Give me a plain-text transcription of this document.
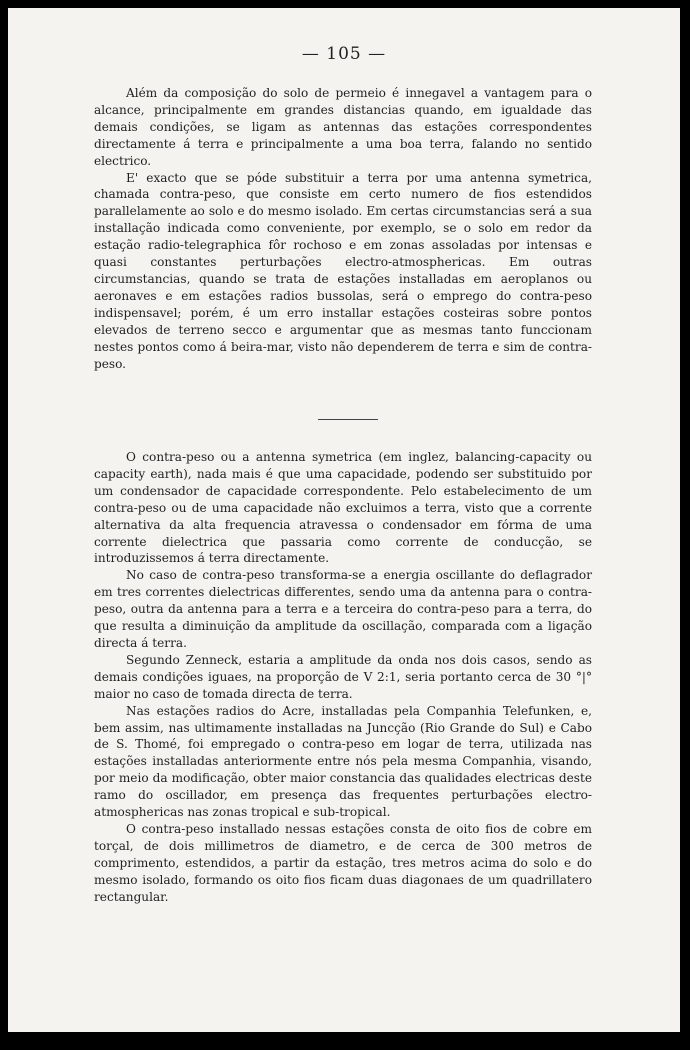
— 105 —

Além da composição do solo de permeio é innegavel a vantagem para o alcance, principalmente em grandes distancias quando, em igualdade das demais condições, se ligam as antennas das estações correspondentes directamente á terra e principalmente a uma boa terra, falando no sentido electrico.

E' exacto que se póde substituir a terra por uma antenna symetrica, chamada contra-peso, que consiste em certo numero de fios estendidos parallelamente ao solo e do mesmo isolado. Em certas circumstancias será a sua installação indicada como conveniente, por exemplo, se o solo em redor da estação radio-telegraphica fôr rochoso e em zonas assoladas por intensas e quasi constantes perturbações electro-atmosphericas. Em outras circumstancias, quando se trata de estações installadas em aeroplanos ou aeronaves e em estações radios bussolas, será o emprego do contra-peso indispensavel; porém, é um erro installar estações costeiras sobre pontos elevados de terreno secco e argumentar que as mesmas tanto funccionam nestes pontos como á beira-mar, visto não dependerem de terra e sim de contra-peso.

O contra-peso ou a antenna symetrica (em inglez, balancing-capacity ou capacity earth), nada mais é que uma capacidade, podendo ser substituido por um condensador de capacidade correspondente. Pelo estabelecimento de um contra-peso ou de uma capacidade não excluimos a terra, visto que a corrente alternativa da alta frequencia atravessa o condensador em fórma de uma corrente dielectrica que passaria como corrente de conducção, se introduzissemos á terra directamente.

No caso de contra-peso transforma-se a energia oscillante do deflagrador em tres correntes dielectricas differentes, sendo uma da antenna para o contra-peso, outra da antenna para a terra e a terceira do contra-peso para a terra, do que resulta a diminuição da amplitude da oscillação, comparada com a ligação directa á terra.

Segundo Zenneck, estaria a amplitude da onda nos dois casos, sendo as demais condições iguaes, na proporção de V 2:1, seria portanto cerca de 30 °|° maior no caso de tomada directa de terra.

Nas estações radios do Acre, installadas pela Companhia Telefunken, e, bem assim, nas ultimamente installadas na Juncção (Rio Grande do Sul) e Cabo de S. Thomé, foi empregado o contra-peso em logar de terra, utilizada nas estações installadas anteriormente entre nós pela mesma Companhia, visando, por meio da modificação, obter maior constancia das qualidades electricas deste ramo do oscillador, em presença das frequentes perturbações electro-atmosphericas nas zonas tropical e sub-tropical.

O contra-peso installado nessas estações consta de oito fios de cobre em torçal, de dois millimetros de diametro, e de cerca de 300 metros de comprimento, estendidos, a partir da estação, tres metros acima do solo e do mesmo isolado, formando os oito fios ficam duas diagonaes de um quadrillatero rectangular.
